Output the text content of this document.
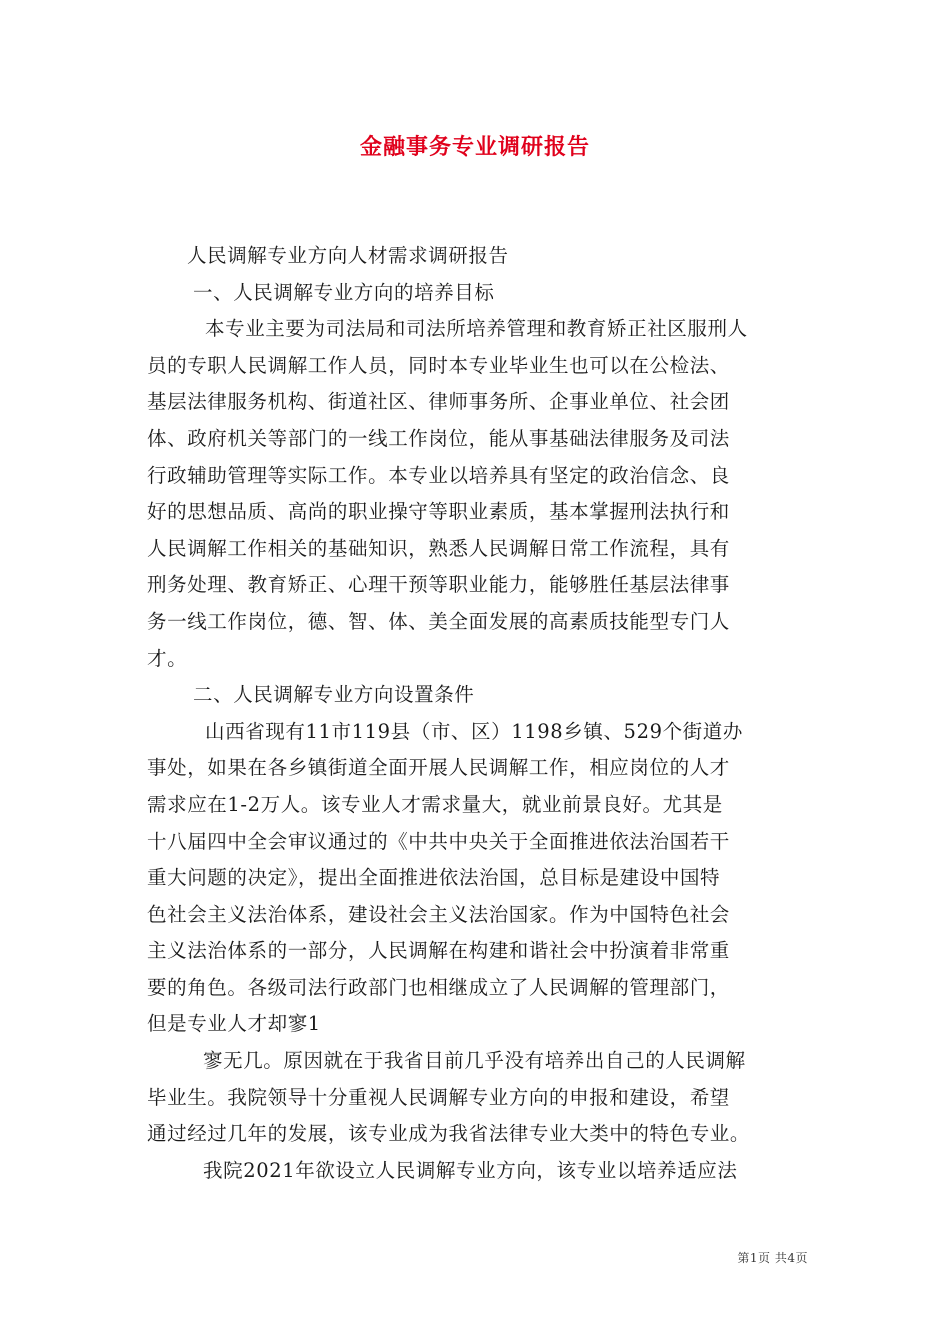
金融事务专业调研报告
人民调解专业方向人材需求调研报告
一、人民调解专业方向的培养目标
本专业主要为司法局和司法所培养管理和教育矫正社区服刑人
员的专职人民调解工作人员，同时本专业毕业生也可以在公检法、
基层法律服务机构、街道社区、律师事务所、企事业单位、社会团
体、政府机关等部门的一线工作岗位，能从事基础法律服务及司法
行政辅助管理等实际工作。本专业以培养具有坚定的政治信念、良
好的思想品质、高尚的职业操守等职业素质，基本掌握刑法执行和
人民调解工作相关的基础知识，熟悉人民调解日常工作流程，具有
刑务处理、教育矫正、心理干预等职业能力，能够胜任基层法律事
务一线工作岗位，德、智、体、美全面发展的高素质技能型专门人
才。
二、人民调解专业方向设置条件
山西省现有11市119县（市、区）1198乡镇、529个街道办
事处，如果在各乡镇街道全面开展人民调解工作，相应岗位的人才
需求应在1-2万人。该专业人才需求量大，就业前景良好。尤其是
十八届四中全会审议通过的《中共中央关于全面推进依法治国若干
重大问题的决定》，提出全面推进依法治国，总目标是建设中国特
色社会主义法治体系，建设社会主义法治国家。作为中国特色社会
主义法治体系的一部分，人民调解在构建和谐社会中扮演着非常重
要的角色。各级司法行政部门也相继成立了人民调解的管理部门，
但是专业人才却寥1
寥无几。原因就在于我省目前几乎没有培养出自己的人民调解
毕业生。我院领导十分重视人民调解专业方向的申报和建设，希望
通过经过几年的发展，该专业成为我省法律专业大类中的特色专业。
我院2021年欲设立人民调解专业方向，该专业以培养适应法
第1页 共4页
